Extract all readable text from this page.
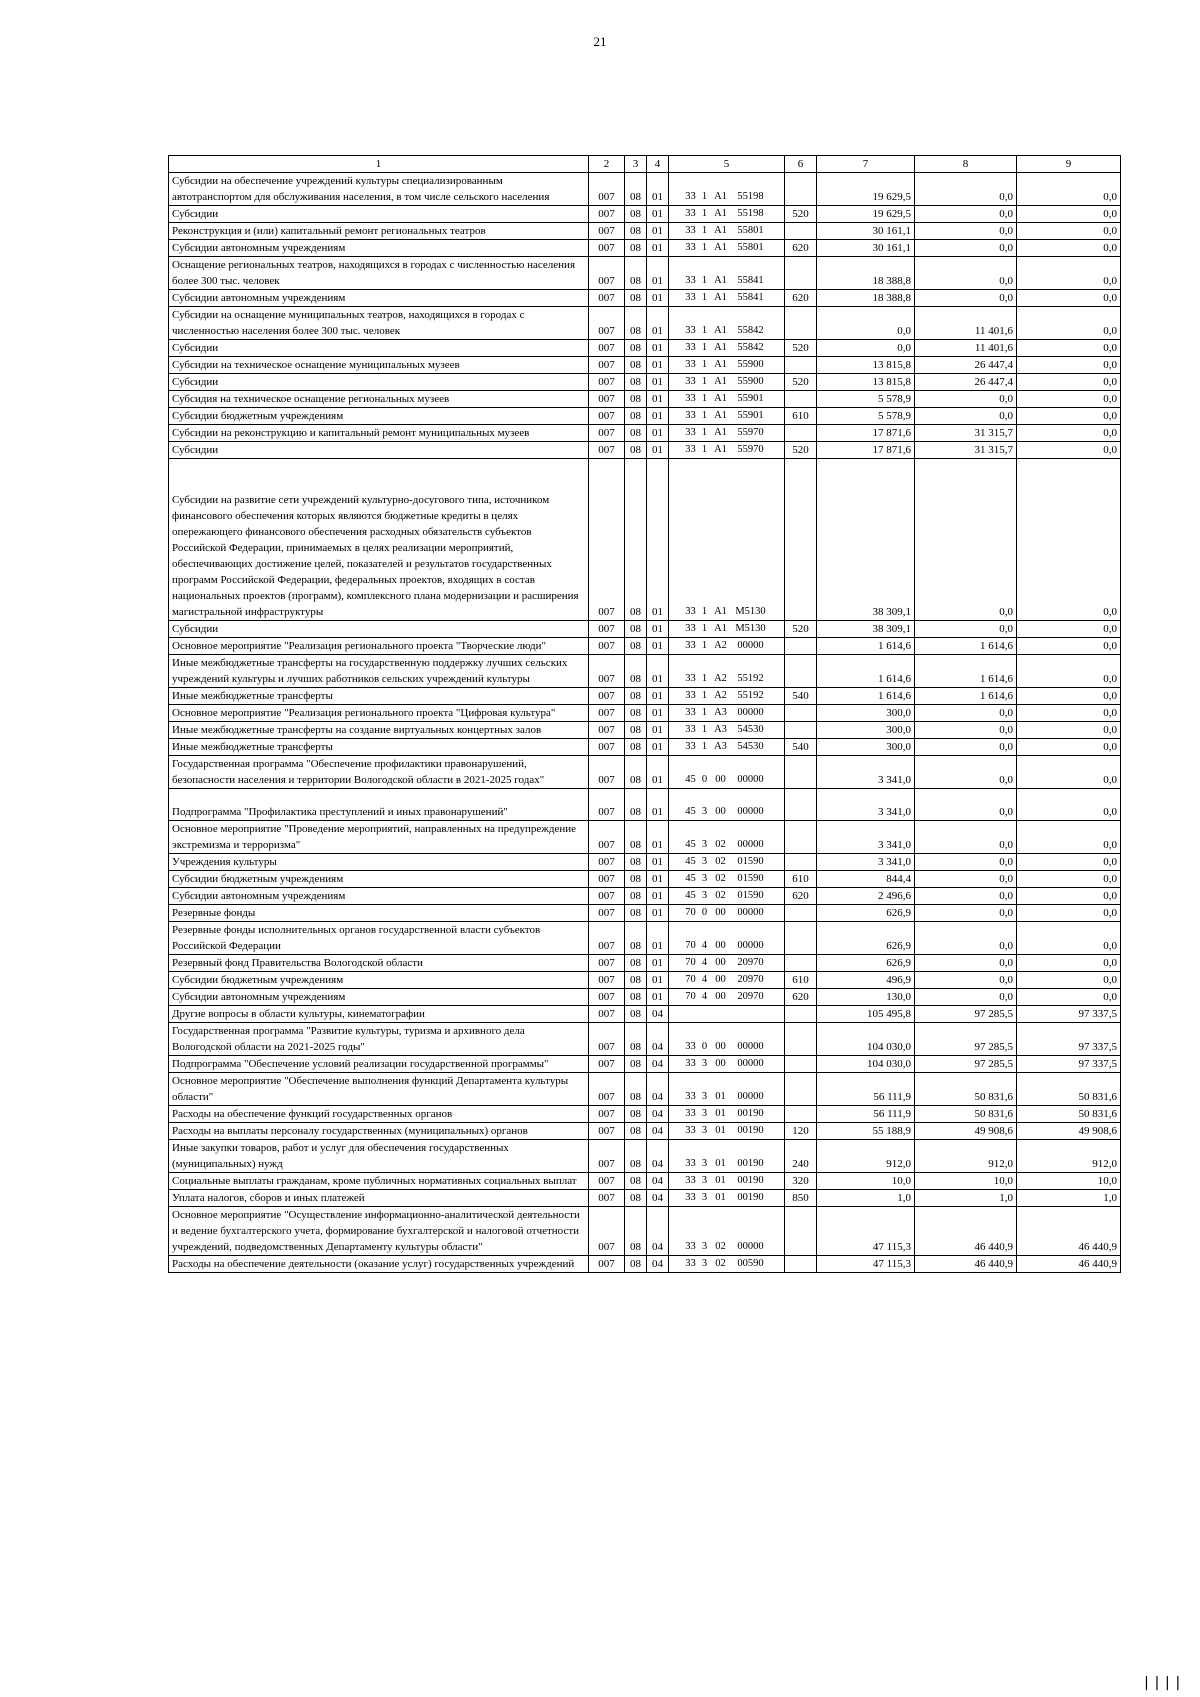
21
1	2	3	4	5	6	7	8	9
Субсидии на обеспечение учреждений культуры специализированным автотранспортом для обслуживания населения, в том числе сельского населения	007	08	01	33 1 A1 55198		19 629,5	0,0	0,0
Субсидии	007	08	01	33 1 A1 55198	520	19 629,5	0,0	0,0
Реконструкция и (или) капитальный ремонт региональных театров	007	08	01	33 1 A1 55801		30 161,1	0,0	0,0
Субсидии автономным учреждениям	007	08	01	33 1 A1 55801	620	30 161,1	0,0	0,0
Оснащение региональных театров, находящихся в городах с численностью населения более 300 тыс. человек	007	08	01	33 1 A1 55841		18 388,8	0,0	0,0
Субсидии автономным учреждениям	007	08	01	33 1 A1 55841	620	18 388,8	0,0	0,0
Субсидии на оснащение муниципальных театров, находящихся в городах с численностью населения более 300 тыс. человек	007	08	01	33 1 A1 55842		0,0	11 401,6	0,0
Субсидии	007	08	01	33 1 A1 55842	520	0,0	11 401,6	0,0
Субсидии на техническое оснащение муниципальных музеев	007	08	01	33 1 A1 55900		13 815,8	26 447,4	0,0
Субсидии	007	08	01	33 1 A1 55900	520	13 815,8	26 447,4	0,0
Субсидия на техническое оснащение региональных музеев	007	08	01	33 1 A1 55901		5 578,9	0,0	0,0
Субсидии бюджетным учреждениям	007	08	01	33 1 A1 55901	610	5 578,9	0,0	0,0
Субсидии на реконструкцию и капитальный ремонт муниципальных музеев	007	08	01	33 1 A1 55970		17 871,6	31 315,7	0,0
Субсидии	007	08	01	33 1 A1 55970	520	17 871,6	31 315,7	0,0
Субсидии на развитие сети учреждений культурно-досугового типа, источником финансового обеспечения которых являются бюджетные кредиты в целях опережающего финансового обеспечения расходных обязательств субъектов Российской Федерации, принимаемых в целях реализации мероприятий, обеспечивающих достижение целей, показателей и результатов государственных программ Российской Федерации, федеральных проектов, входящих в состав национальных проектов (программ), комплексного плана модернизации и расширения магистральной инфраструктуры	007	08	01	33 1 A1 M5130		38 309,1	0,0	0,0
Субсидии	007	08	01	33 1 A1 M5130	520	38 309,1	0,0	0,0
Основное мероприятие "Реализация регионального проекта "Творческие люди"	007	08	01	33 1 A2 00000		1 614,6	1 614,6	0,0
Иные межбюджетные трансферты на государственную поддержку лучших сельских учреждений культуры и лучших работников сельских учреждений культуры	007	08	01	33 1 A2 55192		1 614,6	1 614,6	0,0
Иные межбюджетные трансферты	007	08	01	33 1 A2 55192	540	1 614,6	1 614,6	0,0
Основное мероприятие "Реализация регионального проекта "Цифровая культура"	007	08	01	33 1 A3 00000		300,0	0,0	0,0
Иные межбюджетные трансферты на создание виртуальных концертных залов	007	08	01	33 1 A3 54530		300,0	0,0	0,0
Иные межбюджетные трансферты	007	08	01	33 1 A3 54530	540	300,0	0,0	0,0
Государственная программа "Обеспечение профилактики правонарушений, безопасности населения и территории Вологодской области в 2021-2025 годах"	007	08	01	45 0 00 00000		3 341,0	0,0	0,0
Подпрограмма "Профилактика преступлений и иных правонарушений"	007	08	01	45 3 00 00000		3 341,0	0,0	0,0
Основное мероприятие "Проведение мероприятий, направленных на предупреждение экстремизма и терроризма"	007	08	01	45 3 02 00000		3 341,0	0,0	0,0
Учреждения культуры	007	08	01	45 3 02 01590		3 341,0	0,0	0,0
Субсидии бюджетным учреждениям	007	08	01	45 3 02 01590	610	844,4	0,0	0,0
Субсидии автономным учреждениям	007	08	01	45 3 02 01590	620	2 496,6	0,0	0,0
Резервные фонды	007	08	01	70 0 00 00000		626,9	0,0	0,0
Резервные фонды исполнительных органов государственной власти субъектов Российской Федерации	007	08	01	70 4 00 00000		626,9	0,0	0,0
Резервный фонд Правительства Вологодской области	007	08	01	70 4 00 20970		626,9	0,0	0,0
Субсидии бюджетным учреждениям	007	08	01	70 4 00 20970	610	496,9	0,0	0,0
Субсидии автономным учреждениям	007	08	01	70 4 00 20970	620	130,0	0,0	0,0
Другие вопросы в области культуры, кинематографии	007	08	04			105 495,8	97 285,5	97 337,5
Государственная программа "Развитие культуры, туризма и архивного дела Вологодской области на 2021-2025 годы"	007	08	04	33 0 00 00000		104 030,0	97 285,5	97 337,5
Подпрограмма "Обеспечение условий реализации государственной программы"	007	08	04	33 3 00 00000		104 030,0	97 285,5	97 337,5
Основное мероприятие "Обеспечение выполнения функций Департамента культуры области"	007	08	04	33 3 01 00000		56 111,9	50 831,6	50 831,6
Расходы на обеспечение функций государственных органов	007	08	04	33 3 01 00190		56 111,9	50 831,6	50 831,6
Расходы на выплаты персоналу государственных (муниципальных) органов	007	08	04	33 3 01 00190	120	55 188,9	49 908,6	49 908,6
Иные закупки товаров, работ и услуг для обеспечения государственных (муниципальных) нужд	007	08	04	33 3 01 00190	240	912,0	912,0	912,0
Социальные выплаты гражданам, кроме публичных нормативных социальных выплат	007	08	04	33 3 01 00190	320	10,0	10,0	10,0
Уплата налогов, сборов и иных платежей	007	08	04	33 3 01 00190	850	1,0	1,0	1,0
Основное мероприятие "Осуществление информационно-аналитической деятельности и ведение бухгалтерского учета, формирование бухгалтерской и налоговой отчетности учреждений, подведомственных Департаменту культуры области"	007	08	04	33 3 02 00000		47 115,3	46 440,9	46 440,9
Расходы на обеспечение деятельности (оказание услуг) государственных учреждений	007	08	04	33 3 02 00590		47 115,3	46 440,9	46 440,9
||||
